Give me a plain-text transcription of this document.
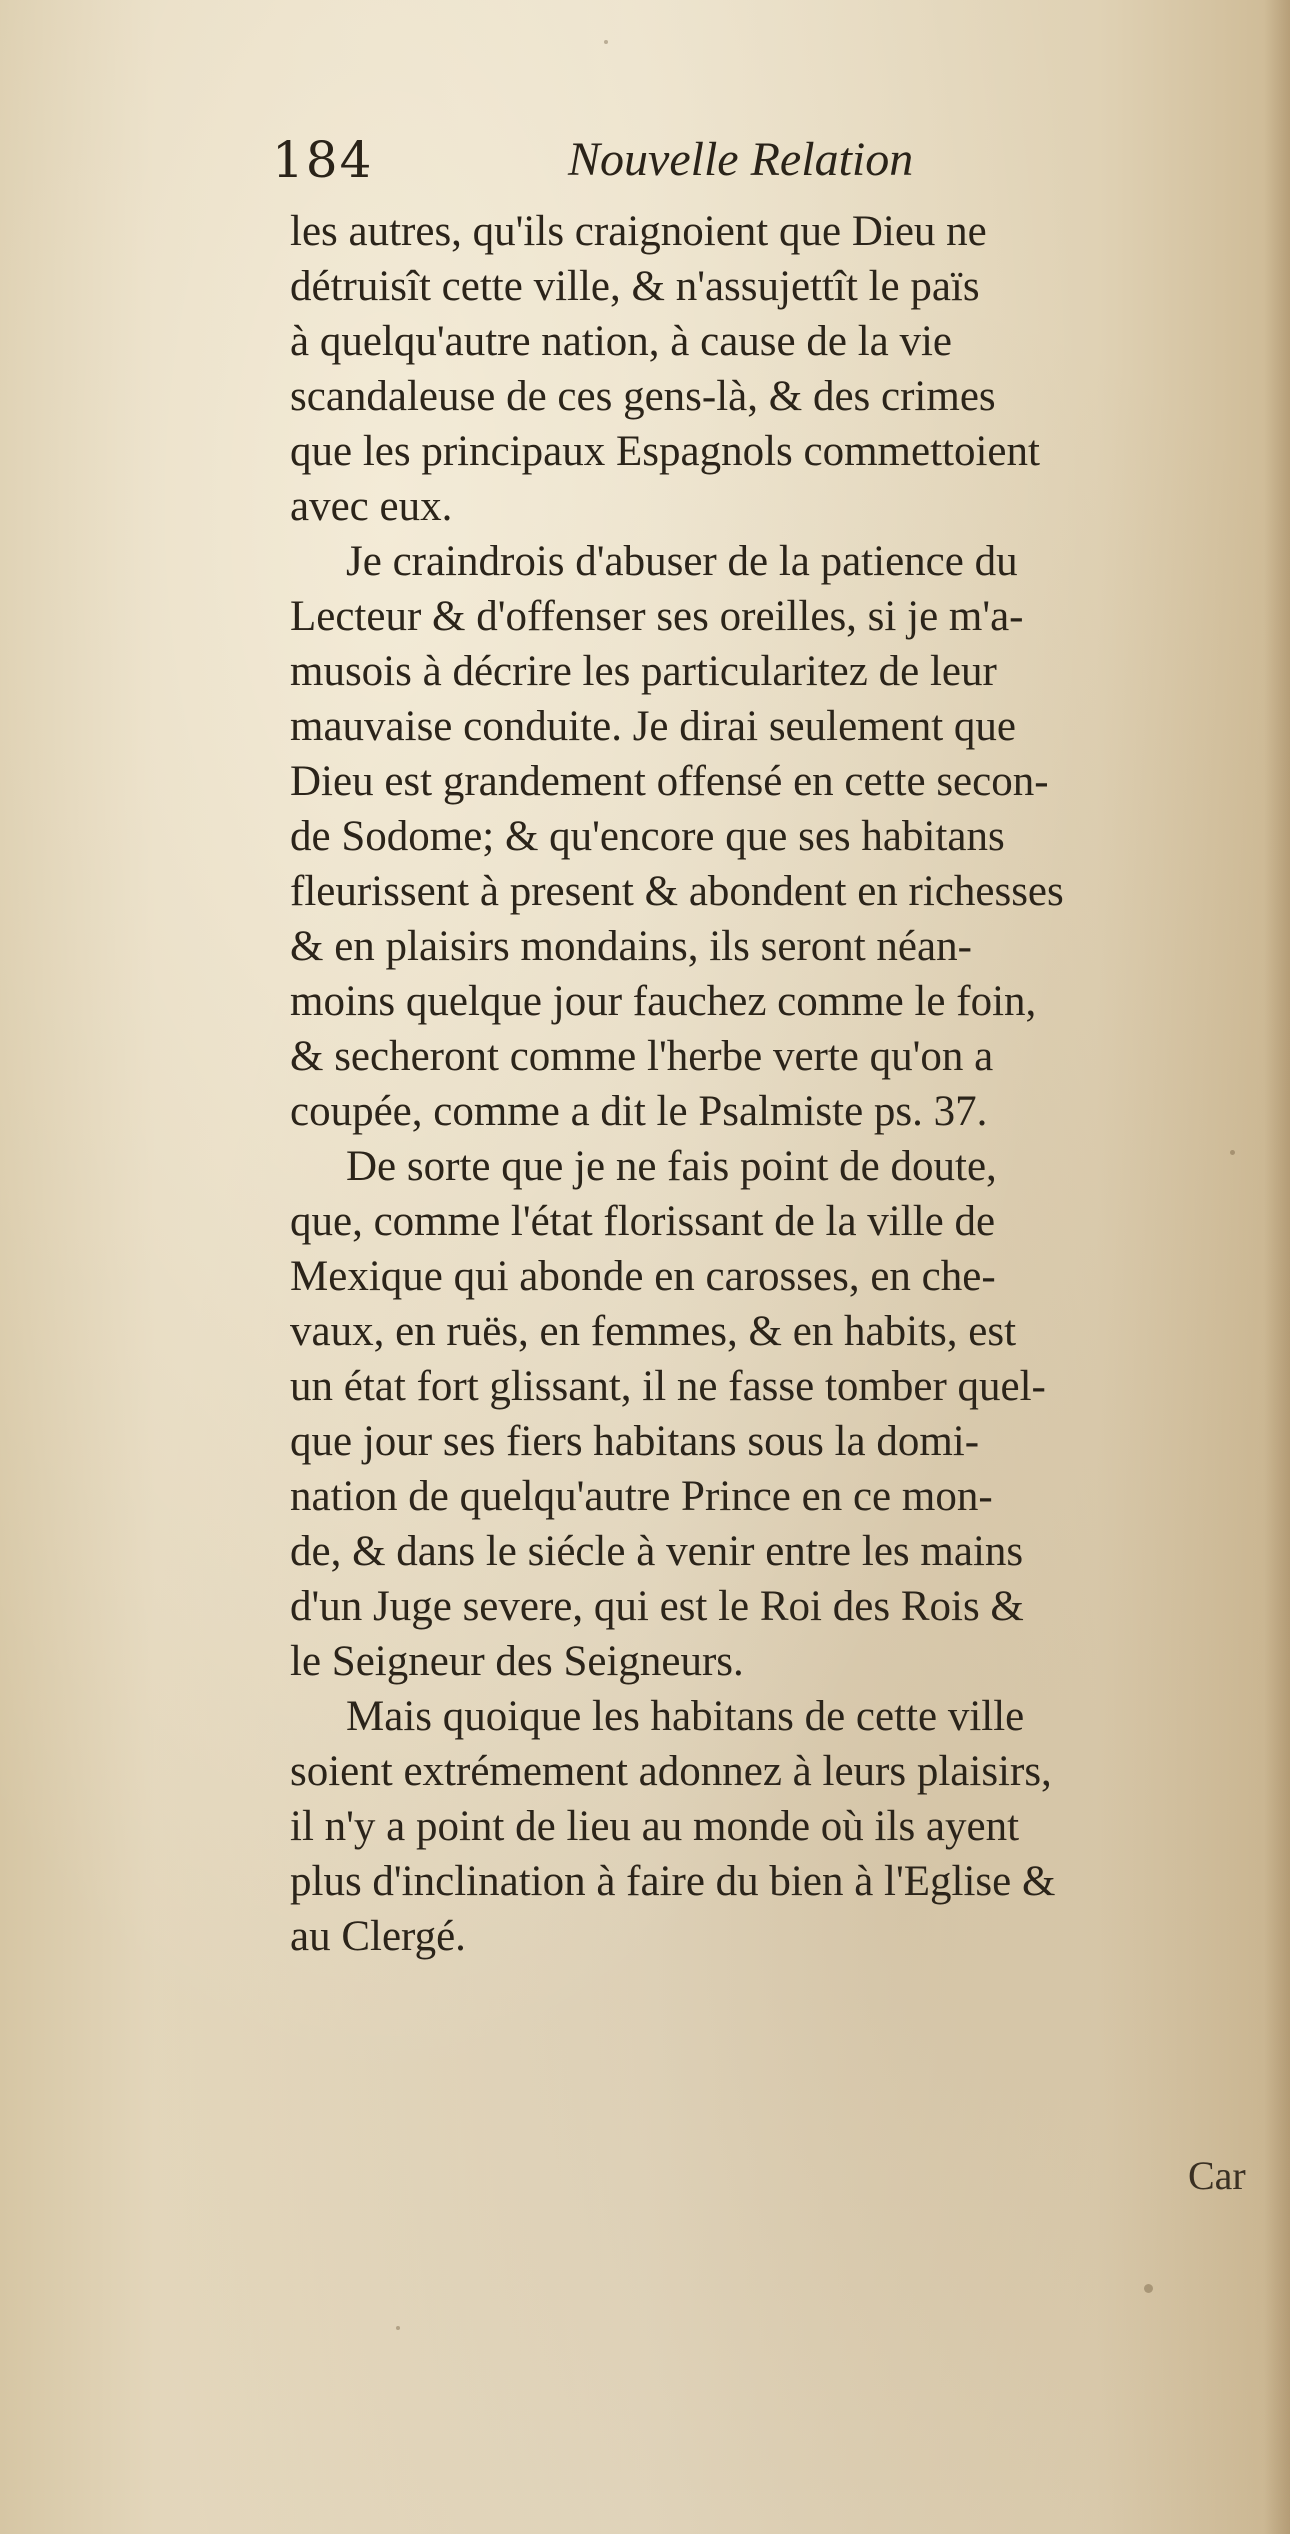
184	Nouvelle Relation
les autres, qu'ils craignoient que Dieu ne
détruisît cette ville, & n'assujettît le païs
à quelqu'autre nation, à cause de la vie
scandaleuse de ces gens-là, & des crimes
que les principaux Espagnols commettoient
avec eux.
Je craindrois d'abuser de la patience du
Lecteur & d'offenser ses oreilles, si je m'a-
musois à décrire les particularitez de leur
mauvaise conduite. Je dirai seulement que
Dieu est grandement offensé en cette secon-
de Sodome; & qu'encore que ses habitans
fleurissent à present & abondent en richesses
& en plaisirs mondains, ils seront néan-
moins quelque jour fauchez comme le foin,
& secheront comme l'herbe verte qu'on a
coupée, comme a dit le Psalmiste ps. 37.
De sorte que je ne fais point de doute,
que, comme l'état florissant de la ville de
Mexique qui abonde en carosses, en che-
vaux, en ruës, en femmes, & en habits, est
un état fort glissant, il ne fasse tomber quel-
que jour ses fiers habitans sous la domi-
nation de quelqu'autre Prince en ce mon-
de, & dans le siécle à venir entre les mains
d'un Juge severe, qui est le Roi des Rois &
le Seigneur des Seigneurs.
Mais quoique les habitans de cette ville
soient extrémement adonnez à leurs plaisirs,
il n'y a point de lieu au monde où ils ayent
plus d'inclination à faire du bien à l'Eglise &
au Clergé.
Car
